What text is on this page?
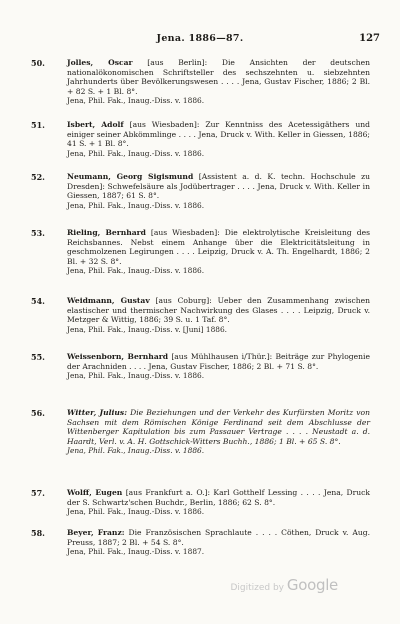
Jena. 1886—87.	127
50.	Jolles, Oscar [aus Berlin]: Die Ansichten der deutschen nationalökonomischen Schriftsteller des sechszehnten u. siebzehnten Jahrhunderts über Bevölkerungswesen . . . . Jena, Gustav Fischer, 1886; 2 Bl. + 82 S. + 1 Bl. 8°.
Jena, Phil. Fak., Inaug.-Diss. v. 1886.
51.	Isbert, Adolf [aus Wiesbaden]: Zur Kenntniss des Acetessigäthers und einiger seiner Abkömmlinge . . . . Jena, Druck v. With. Keller in Giessen, 1886; 41 S. + 1 Bl. 8°.
Jena, Phil. Fak., Inaug.-Diss. v. 1886.
52.	Neumann, Georg Sigismund [Assistent a. d. K. techn. Hochschule zu Dresden]: Schwefelsäure als Jodübertrager . . . . Jena, Druck v. With. Keller in Giessen, 1887; 61 S. 8°.
Jena, Phil. Fak., Inaug.-Diss. v. 1886.
53.	Rieling, Bernhard [aus Wiesbaden]: Die elektrolytische Kreisleitung des Reichsbannes. Nebst einem Anhange über die Elektricitätsleitung in geschmolzenen Legirungen . . . . Leipzig, Druck v. A. Th. Engelhardt, 1886; 2 Bl. + 32 S. 8°.
Jena, Phil. Fak., Inaug.-Diss. v. 1886.
54.	Weidmann, Gustav [aus Coburg]: Ueber den Zusammenhang zwischen elastischer und thermischer Nachwirkung des Glases . . . . Leipzig, Druck v. Metzger & Wittig, 1886; 39 S. u. 1 Taf. 8°.
Jena, Phil. Fak., Inaug.-Diss. v. [Juni] 1886.
55.	Weissenborn, Bernhard [aus Mühlhausen i/Thür.]: Beiträge zur Phylogenie der Arachniden . . . . Jena, Gustav Fischer, 1886; 2 Bl. + 71 S. 8°.
Jena, Phil. Fak., Inaug.-Diss. v. 1886.
56.	Witter, Julius: Die Beziehungen und der Verkehr des Kurfürsten Moritz von Sachsen mit dem Römischen Könige Ferdinand seit dem Abschlusse der Wittenberger Kapitulation bis zum Passauer Vertrage . . . . Neustadt a. d. Haardt, Verl. v. A. H. Gottschick-Witters Buchh., 1886; 1 Bl. + 65 S. 8°.
Jena, Phil. Fak., Inaug.-Diss. v. 1886.
57.	Wolff, Eugen [aus Frankfurt a. O.]: Karl Gotthelf Lessing . . . . Jena, Druck der S. Schwartz'schen Buchdr., Berlin, 1886; 62 S. 8°.
Jena, Phil. Fak., Inaug.-Diss. v. 1886.
58.	Beyer, Franz: Die Französischen Sprachlaute . . . . Cöthen, Druck v. Aug. Preuss, 1887; 2 Bl. + 54 S. 8°.
Jena, Phil. Fak., Inaug.-Diss. v. 1887.
Digitized by Google
